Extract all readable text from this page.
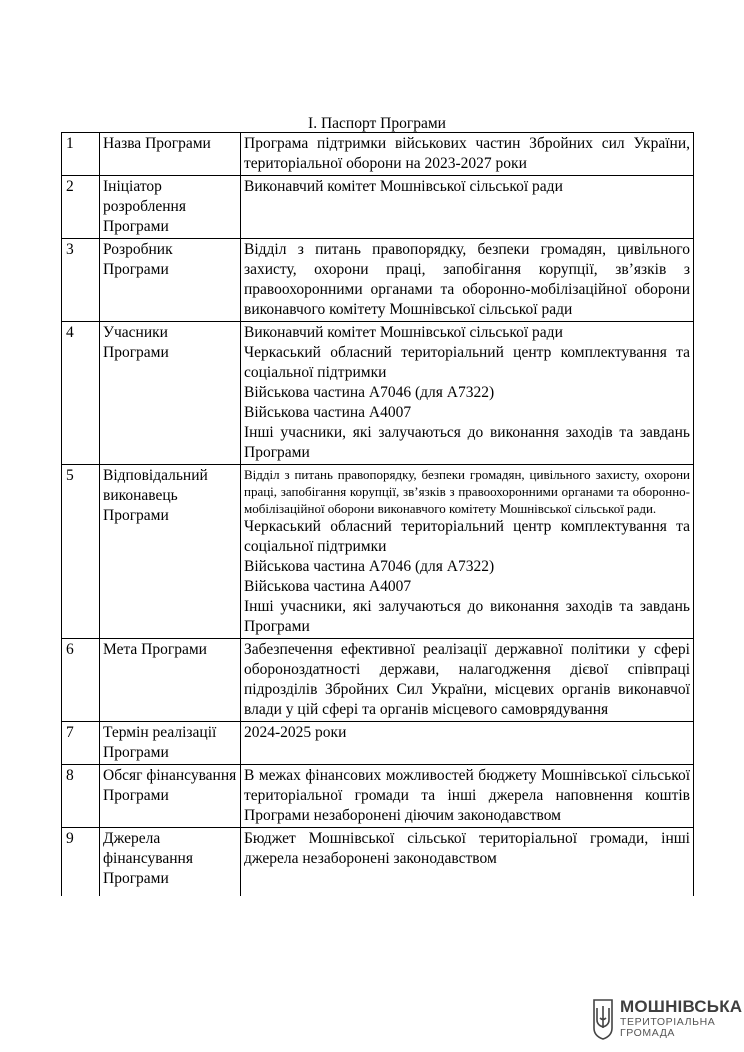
I. Паспорт Програми
1	Назва Програми	Програма підтримки військових частин Збройних сил України, територіальної оборони на 2023-2027 роки

2	Ініціатор розроблення Програми	Виконавчий комітет Мошнівської сільської ради

3	Розробник Програми	Відділ з питань правопорядку, безпеки громадян, цивільного захисту, охорони праці, запобігання корупції, зв’язків з правоохоронними органами та оборонно-мобілізаційної оборони виконавчого комітету Мошнівської сільської ради

4	Учасники Програми	Виконавчий комітет Мошнівської сільської ради
Черкаський обласний територіальний центр комплектування та соціальної підтримки
Військова частина А7046 (для А7322)
Військова частина А4007
Інші учасники, які залучаються до виконання заходів та завдань Програми

5	Відповідальний виконавець Програми	Відділ з питань правопорядку, безпеки громадян, цивільного захисту, охорони праці, запобігання корупції, зв’язків з правоохоронними органами та оборонно-мобілізаційної оборони виконавчого комітету Мошнівської сільської ради.
Черкаський обласний територіальний центр комплектування та соціальної підтримки
Військова частина А7046 (для А7322)
Військова частина А4007
Інші учасники, які залучаються до виконання заходів та завдань Програми

6	Мета Програми	Забезпечення ефективної реалізації державної політики у сфері обороноздатності держави, налагодження дієвої співпраці підрозділів Збройних Сил України, місцевих органів виконавчої влади у цій сфері та органів місцевого самоврядування

7	Термін реалізації Програми	2024-2025 роки

8	Обсяг фінансування Програми	В межах фінансових можливостей бюджету Мошнівської сільської територіальної громади та інші джерела наповнення коштів Програми незаборонені діючим законодавством

9	Джерела фінансування Програми	Бюджет Мошнівської сільської територіальної громади, інші джерела незаборонені законодавством
МОШНІВСЬКА
ТЕРИТОРІАЛЬНА
ГРОМАДА
